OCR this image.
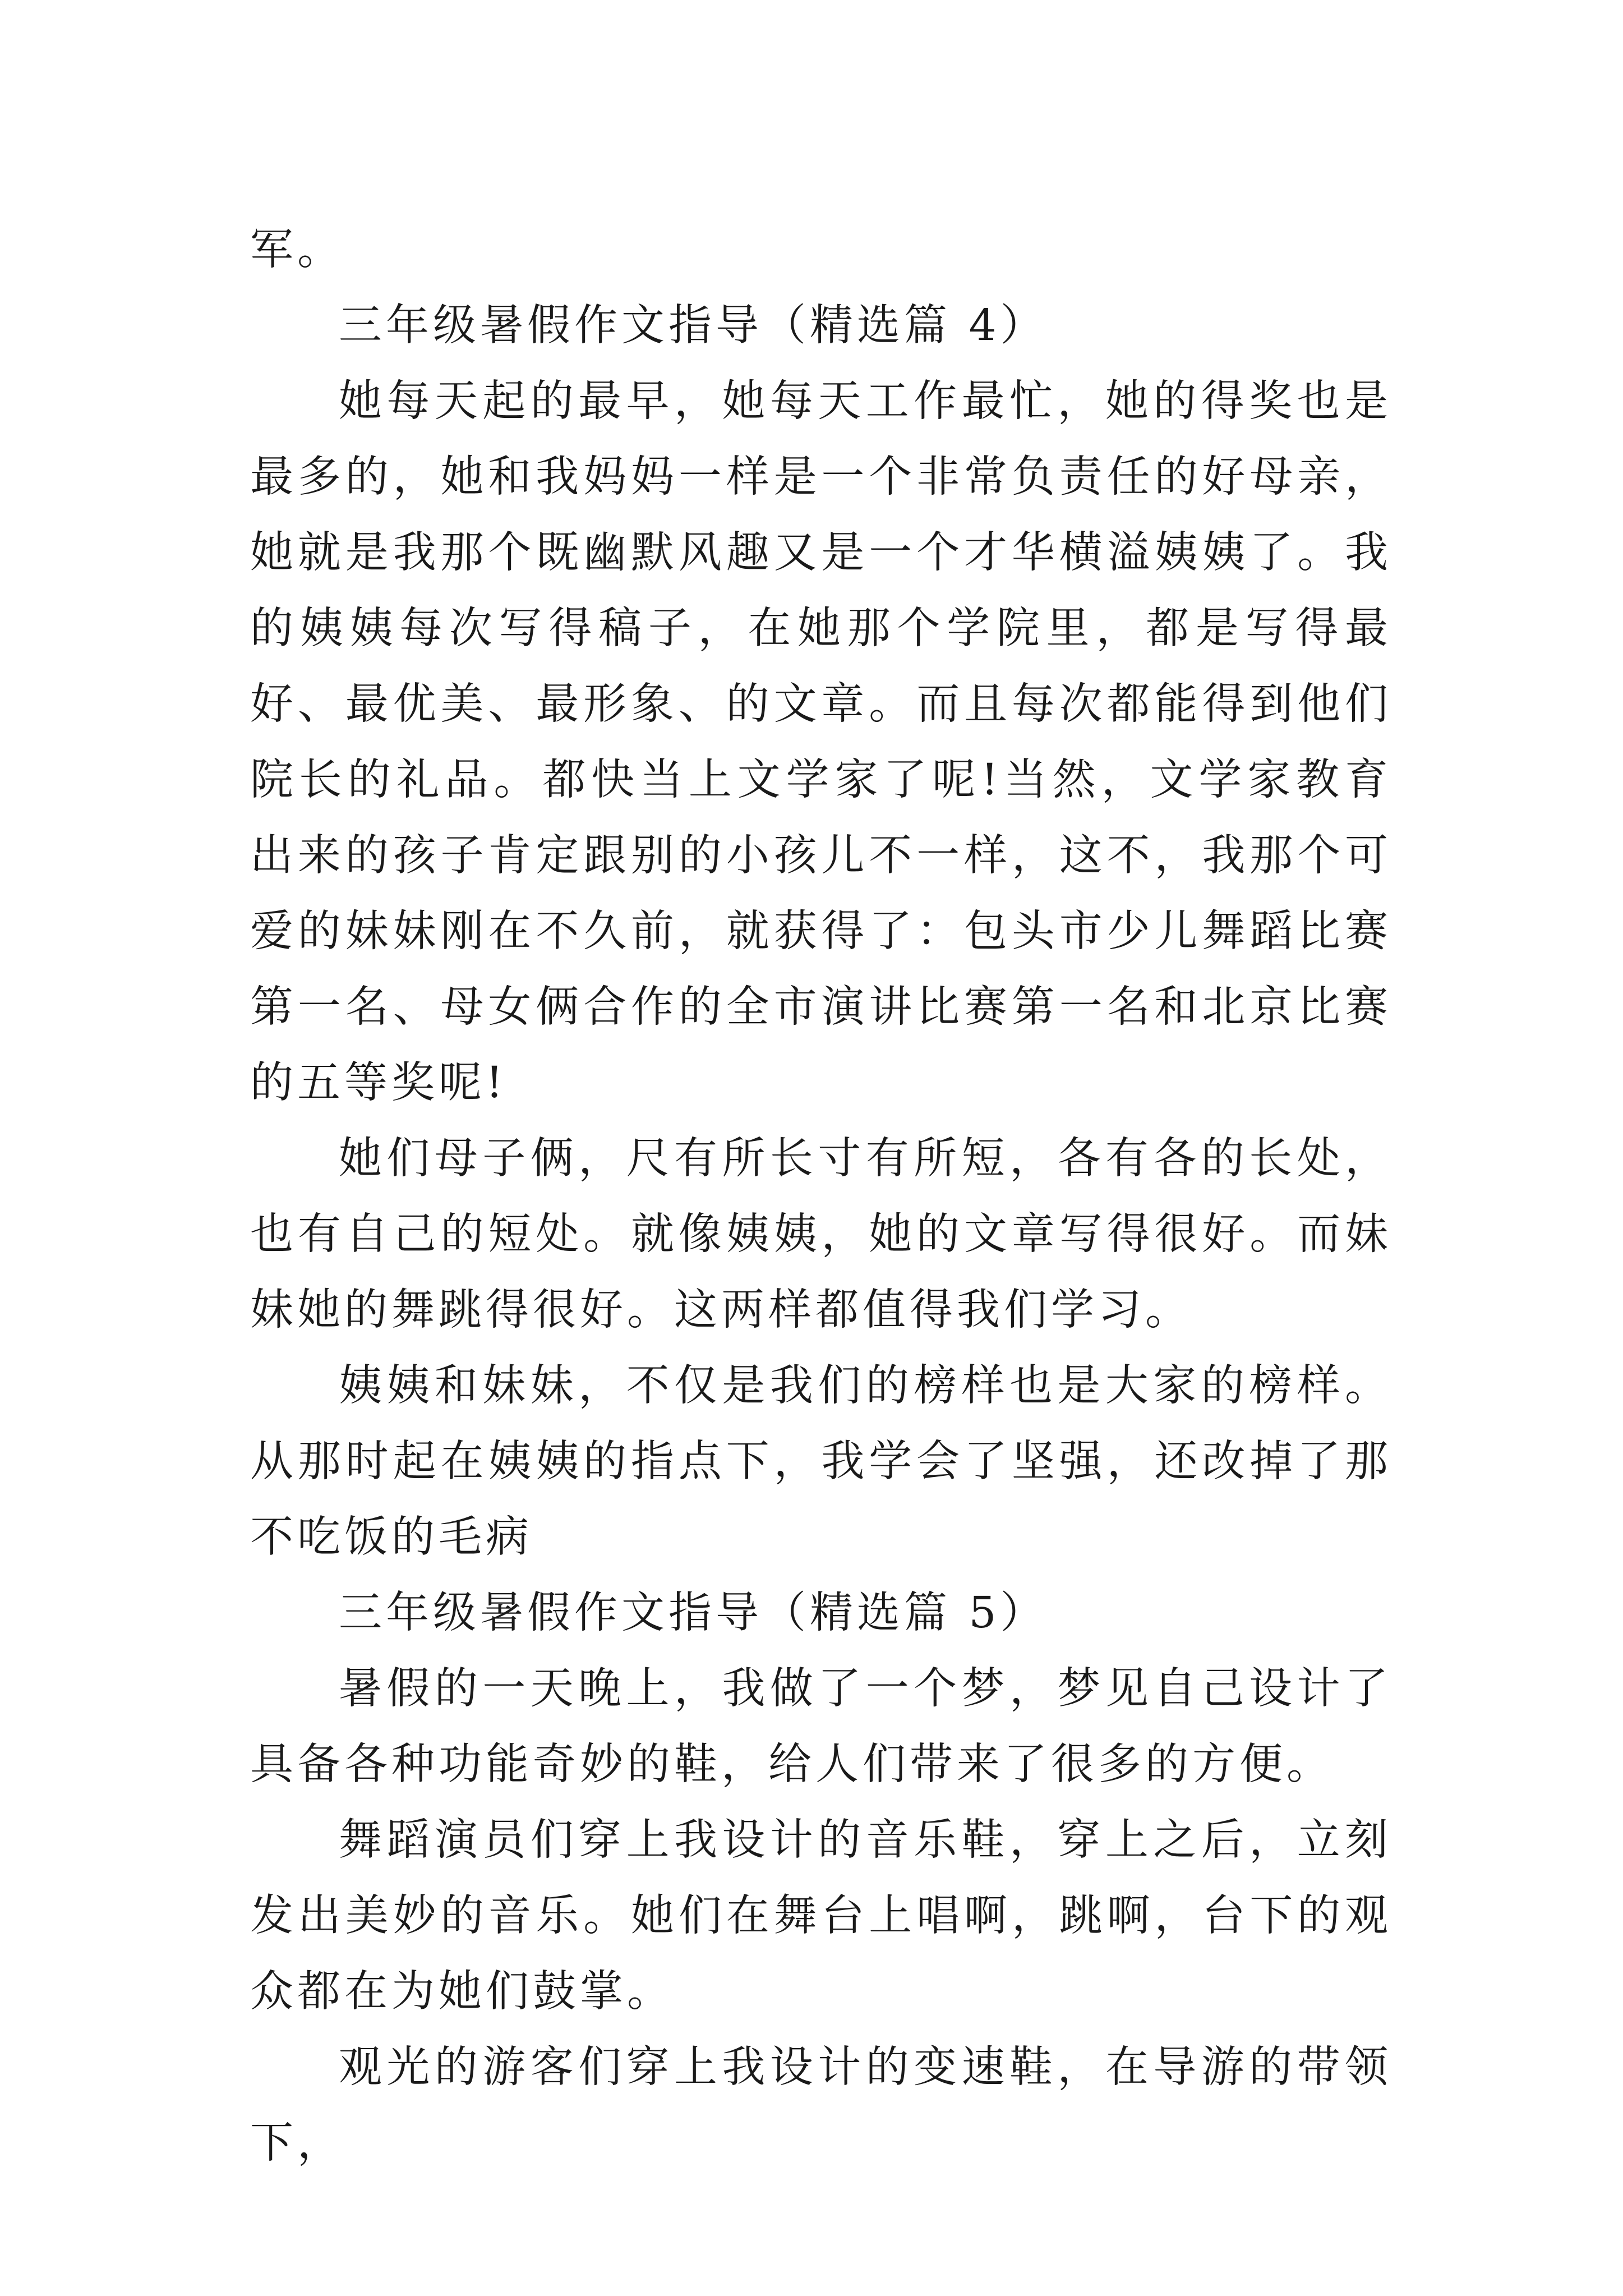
军。

三年级暑假作文指导（精选篇 4）

她每天起的最早，她每天工作最忙，她的得奖也是最多的，她和我妈妈一样是一个非常负责任的好母亲，她就是我那个既幽默风趣又是一个才华横溢姨姨了。我的姨姨每次写得稿子，在她那个学院里，都是写得最好、最优美、最形象、的文章。而且每次都能得到他们院长的礼品。都快当上文学家了呢!当然，文学家教育出来的孩子肯定跟别的小孩儿不一样，这不，我那个可爱的妹妹刚在不久前，就获得了：包头市少儿舞蹈比赛第一名、母女俩合作的全市演讲比赛第一名和北京比赛的五等奖呢!

她们母子俩，尺有所长寸有所短，各有各的长处，也有自己的短处。就像姨姨，她的文章写得很好。而妹妹她的舞跳得很好。这两样都值得我们学习。

姨姨和妹妹，不仅是我们的榜样也是大家的榜样。从那时起在姨姨的指点下，我学会了坚强，还改掉了那不吃饭的毛病

三年级暑假作文指导（精选篇 5）

暑假的一天晚上，我做了一个梦，梦见自己设计了具备各种功能奇妙的鞋，给人们带来了很多的方便。

舞蹈演员们穿上我设计的音乐鞋，穿上之后，立刻发出美妙的音乐。她们在舞台上唱啊，跳啊，台下的观众都在为她们鼓掌。

观光的游客们穿上我设计的变速鞋，在导游的带领下，
